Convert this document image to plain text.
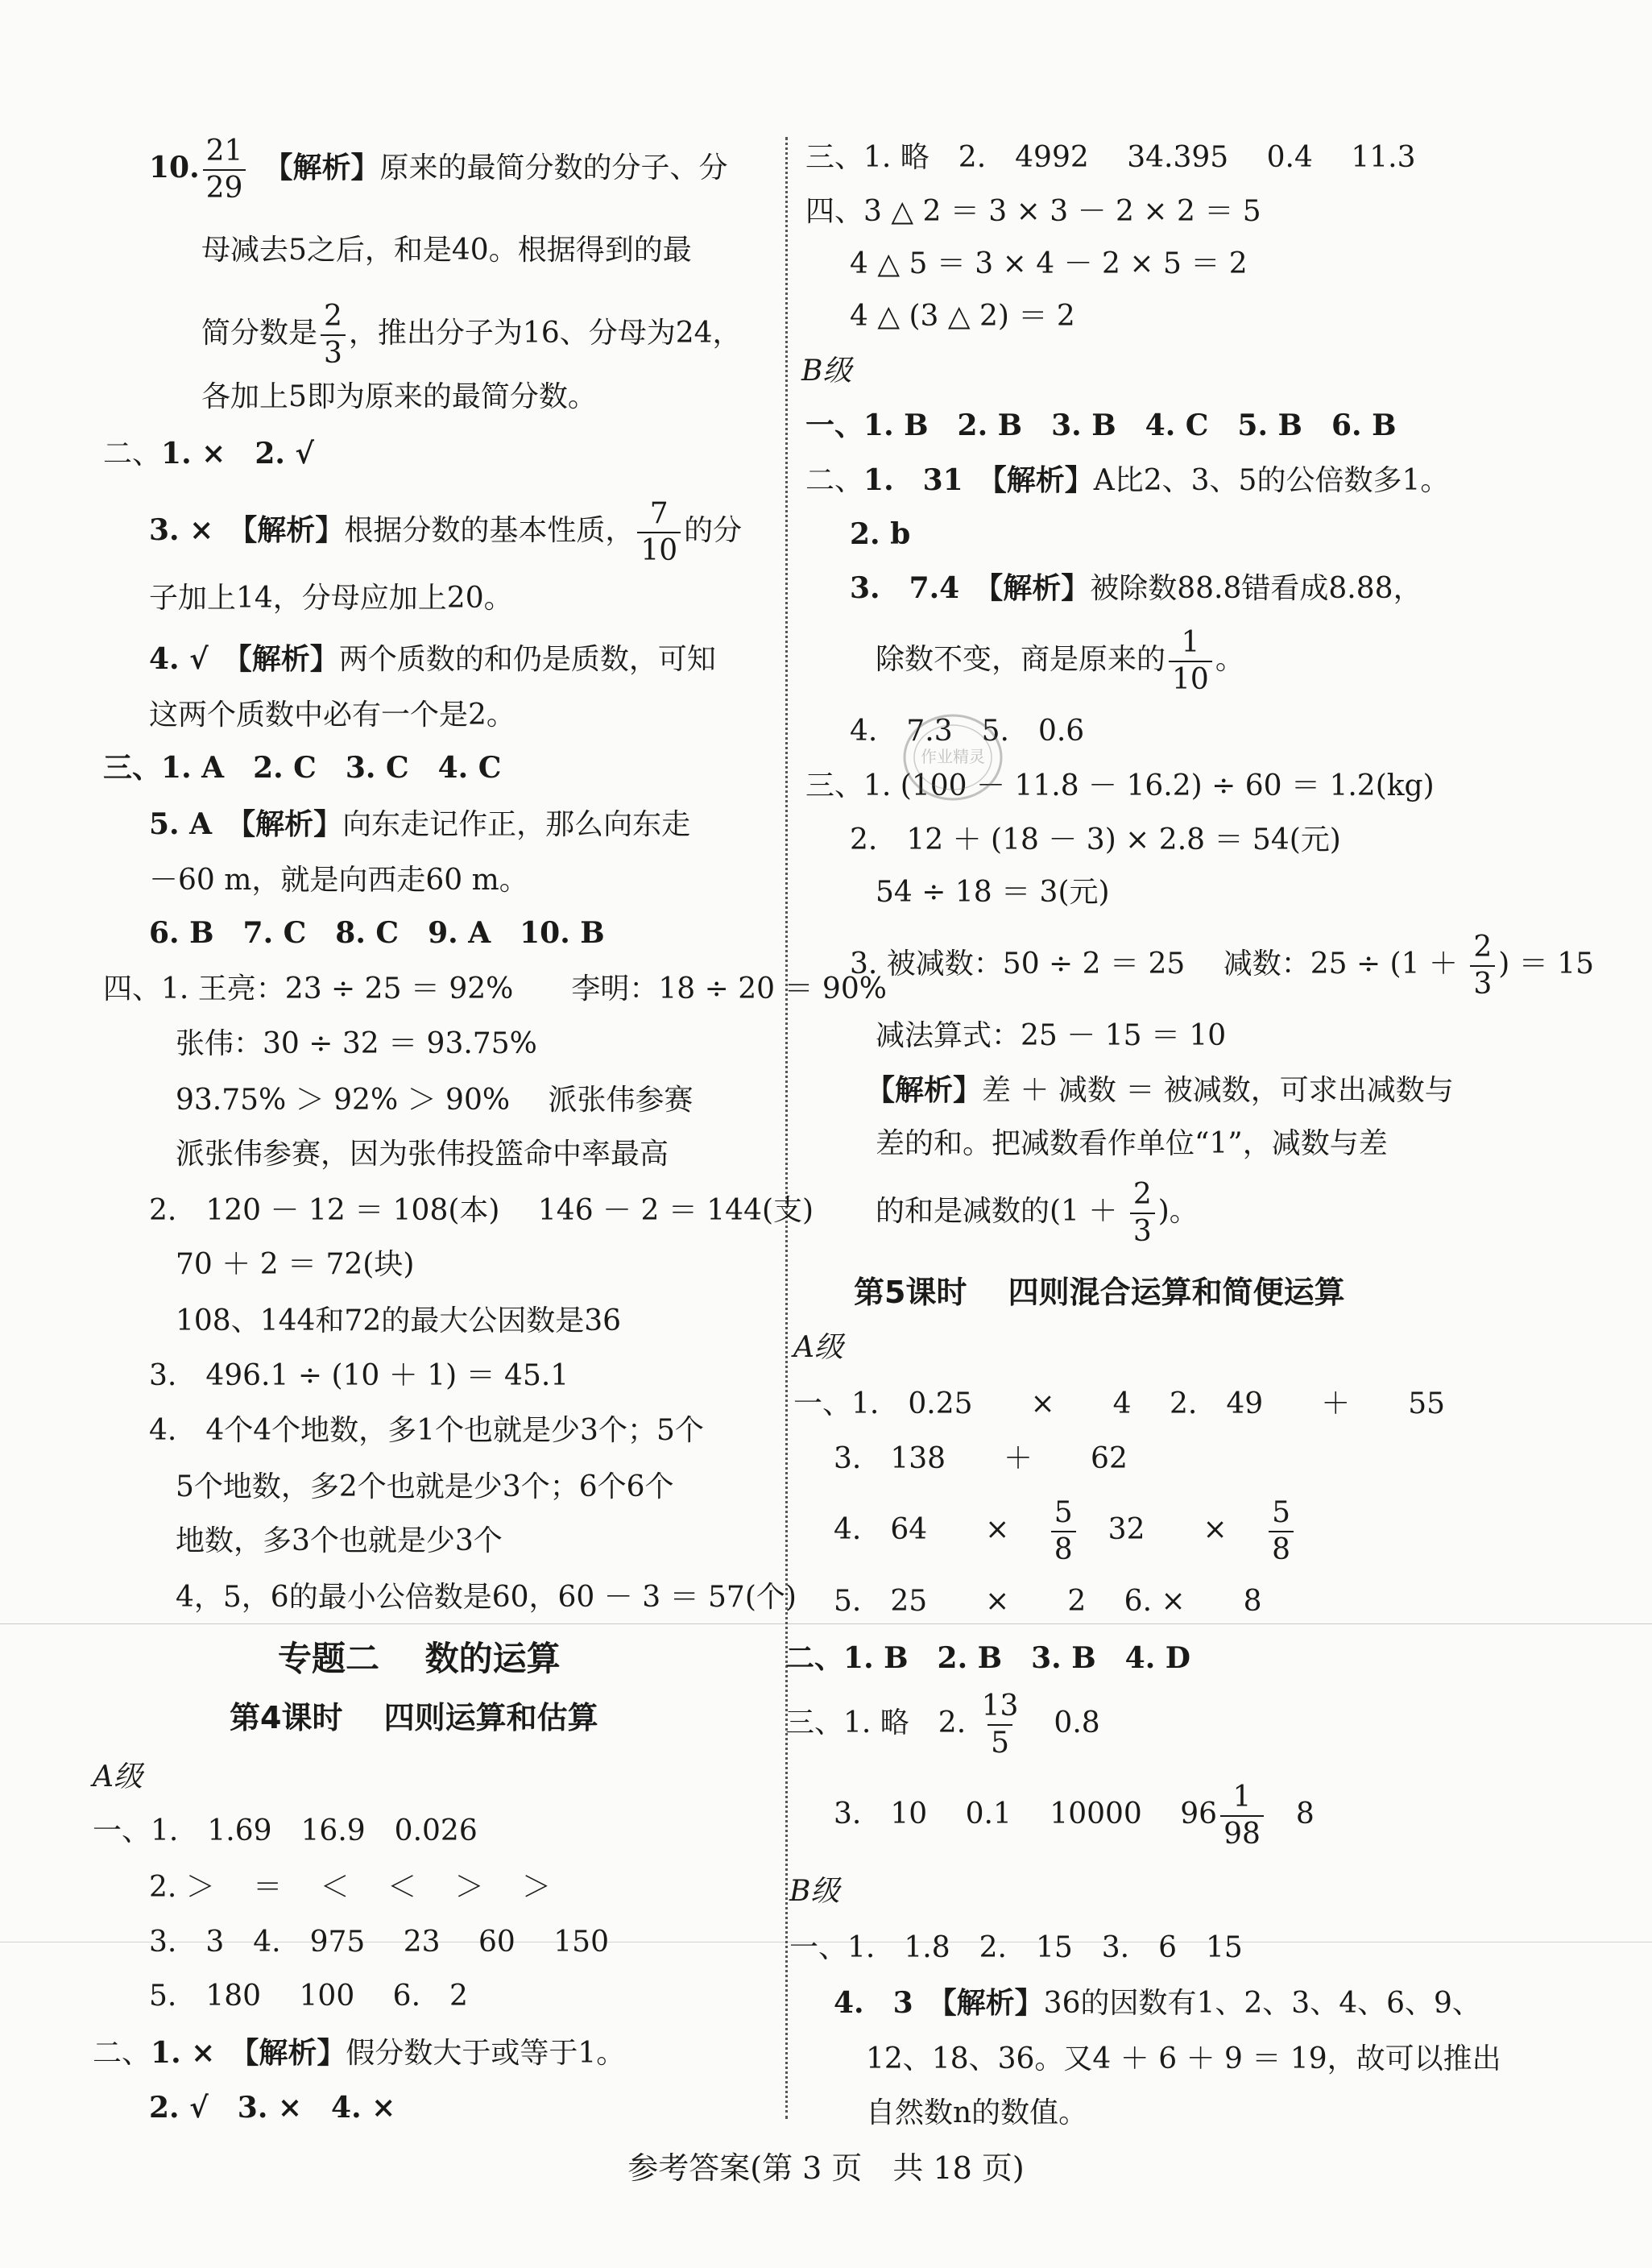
10. $\frac{21}{29}$
　 【解析】原来的最简分数的分子、分
母减去5之后，和是40。根据得到的最
简分数是 $\frac{2}{3}$ ，推出分子为16、分母为24，
各加上5即为原来的最简分数。
二、1. ×　 2. √
3. ×　 【解析】根据分数的基本性质， $\frac{7}{10}$ 的分
子加上14，分母应加上20。
4. √　 【解析】两个质数的和仍是质数，可知
这两个质数中必有一个是2。
三、1. A　2. C　3. C　4. C
5. A　 【解析】向东走记作正，那么向东走
－60 m，就是向西走60 m。
6. B　7. C　8. C　9. A　10. B
四、1. 王亮：23 ÷ 25 ＝ 92%　　李明：18 ÷ 20 ＝ 90%
张伟：30 ÷ 32 ＝ 93.75%
93.75% ＞ 92% ＞ 90%　 派张伟参赛
派张伟参赛，因为张伟投篮命中率最高
2.　120 － 12 ＝ 108(本)　 146 － 2 ＝ 144(支)
70 ＋ 2 ＝ 72(块)
108、144和72的最大公因数是36
3.　496.1 ÷ (10 ＋ 1) ＝ 45.1
4.　4个4个地数，多1个也就是少3个；5个
5个地数，多2个也就是少3个；6个6个
地数，多3个也就是少3个
4，5，6的最小公倍数是60，60 － 3 ＝ 57(个)
专题二　 数的运算
第4课时　 四则运算和估算
A级
一、1.　1.69　16.9　0.026
2. ＞　 ＝　 ＜　 ＜　 ＞　 ＞
3.　3　4.　975　 23　 60　 150
5.　180　 100　 6.　2
二、1. ×　 【解析】假分数大于或等于1。
2. √　3. ×　4. ×
三、1. 略　2.　4992　 34.395　 0.4　 11.3
四、3 △ 2 ＝ 3 × 3 － 2 × 2 ＝ 5
4 △ 5 ＝ 3 × 4 － 2 × 5 ＝ 2
4 △ (3 △ 2) ＝ 2
B级
一、1. B　2. B　3. B　4. C　5. B　6. B
二、1.　31　 【解析】A比2、3、5的公倍数多1。
2. b
3.　7.4　 【解析】被除数88.8错看成8.88，
除数不变，商是原来的 $\frac{1}{10}$ 。
4.　7.3　5.　0.6
三、1. (100 － 11.8 － 16.2) ÷ 60 ＝ 1.2(kg)
2.　12 ＋ (18 － 3) × 2.8 ＝ 54(元)
54 ÷ 18 ＝ 3(元)
3. 被减数：50 ÷ 2 ＝ 25　 减数：$25 \div (1 + \frac{2}{3}$ ) ＝ 15
减法算式：25 － 15 ＝ 10
【解析】差 ＋ 减数 ＝ 被减数，可求出减数与
差的和。把减数看作单位“1”，减数与差
的和是减数的($1 + \frac{2}{3}$ )。
第5课时　 四则混合运算和简便运算
A级
一、1.　0.25　　×　　4　 2.　49　　＋　　55
3.　138　　＋　　62
4.　64　　×　 $\frac{5}{8}$ 　32　　×　 $\frac{5}{8}$
5.　25　　×　　2　 6. ×　　8
二、1. B　2. B　3. B　4. D
三、1. 略　2. $\frac{13}{5}$ 　0.8
3.　10　 0.1　 10000　 $96 \frac{1}{98}$ 　8
B级
一、1.　1.8　2.　15　3.　6　15
4.　3　 【解析】36的因数有1、2、3、4、6、9、
12、18、36。又4 ＋ 6 ＋ 9 ＝ 19，故可以推出
自然数n的数值。
作业精灵
参考答案(第 3 页　共 18 页)
